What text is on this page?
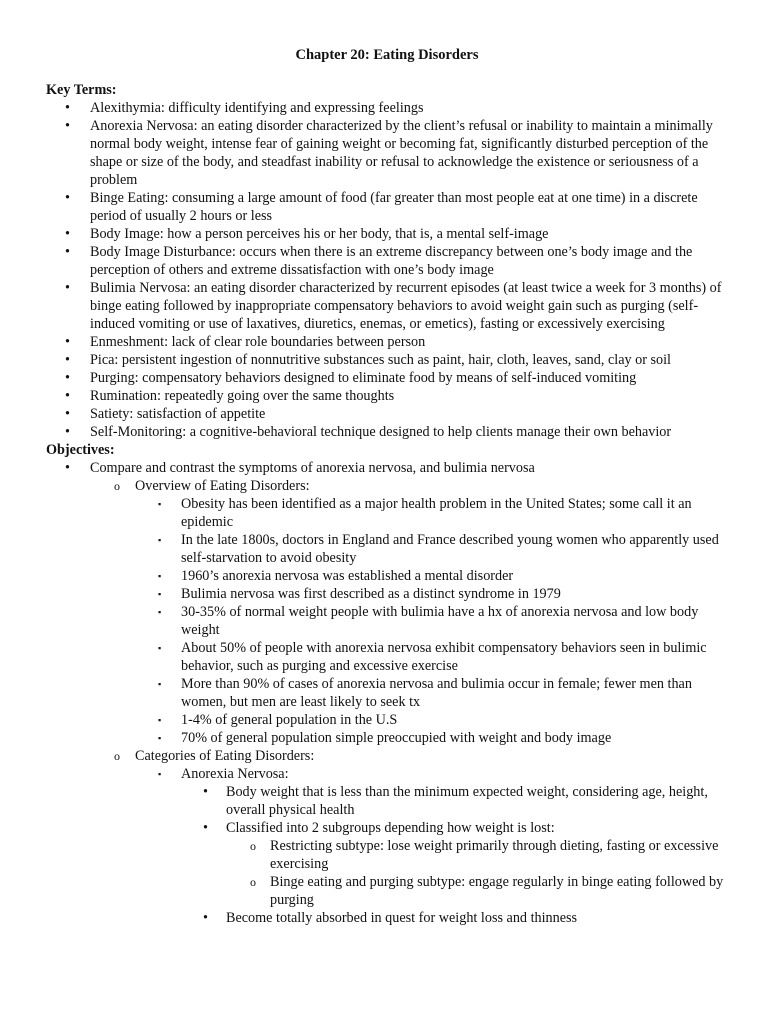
Chapter 20: Eating Disorders
Key Terms:
• Alexithymia: difficulty identifying and expressing feelings
• Anorexia Nervosa: an eating disorder characterized by the client’s refusal or inability to maintain a minimally normal body weight, intense fear of gaining weight or becoming fat, significantly disturbed perception of the shape or size of the body, and steadfast inability or refusal to acknowledge the existence or seriousness of a problem
• Binge Eating: consuming a large amount of food (far greater than most people eat at one time) in a discrete period of usually 2 hours or less
• Body Image: how a person perceives his or her body, that is, a mental self-image
• Body Image Disturbance: occurs when there is an extreme discrepancy between one’s body image and the perception of others and extreme dissatisfaction with one’s body image
• Bulimia Nervosa: an eating disorder characterized by recurrent episodes (at least twice a week for 3 months) of binge eating followed by inappropriate compensatory behaviors to avoid weight gain such as purging (self-induced vomiting or use of laxatives, diuretics, enemas, or emetics), fasting or excessively exercising
• Enmeshment: lack of clear role boundaries between person
• Pica: persistent ingestion of nonnutritive substances such as paint, hair, cloth, leaves, sand, clay or soil
• Purging: compensatory behaviors designed to eliminate food by means of self-induced vomiting
• Rumination: repeatedly going over the same thoughts
• Satiety: satisfaction of appetite
• Self-Monitoring: a cognitive-behavioral technique designed to help clients manage their own behavior
Objectives:
• Compare and contrast the symptoms of anorexia nervosa, and bulimia nervosa
o Overview of Eating Disorders:
▪ Obesity has been identified as a major health problem in the United States; some call it an epidemic
▪ In the late 1800s, doctors in England and France described young women who apparently used self-starvation to avoid obesity
▪ 1960’s anorexia nervosa was established a mental disorder
▪ Bulimia nervosa was first described as a distinct syndrome in 1979
▪ 30-35% of normal weight people with bulimia have a hx of anorexia nervosa and low body weight
▪ About 50% of people with anorexia nervosa exhibit compensatory behaviors seen in bulimic behavior, such as purging and excessive exercise
▪ More than 90% of cases of anorexia nervosa and bulimia occur in female; fewer men than women, but men are least likely to seek tx
▪ 1-4% of general population in the U.S
▪ 70% of general population simple preoccupied with weight and body image
o Categories of Eating Disorders:
▪ Anorexia Nervosa:
• Body weight that is less than the minimum expected weight, considering age, height, overall physical health
• Classified into 2 subgroups depending how weight is lost:
o Restricting subtype: lose weight primarily through dieting, fasting or excessive exercising
o Binge eating and purging subtype: engage regularly in binge eating followed by purging
• Become totally absorbed in quest for weight loss and thinness
